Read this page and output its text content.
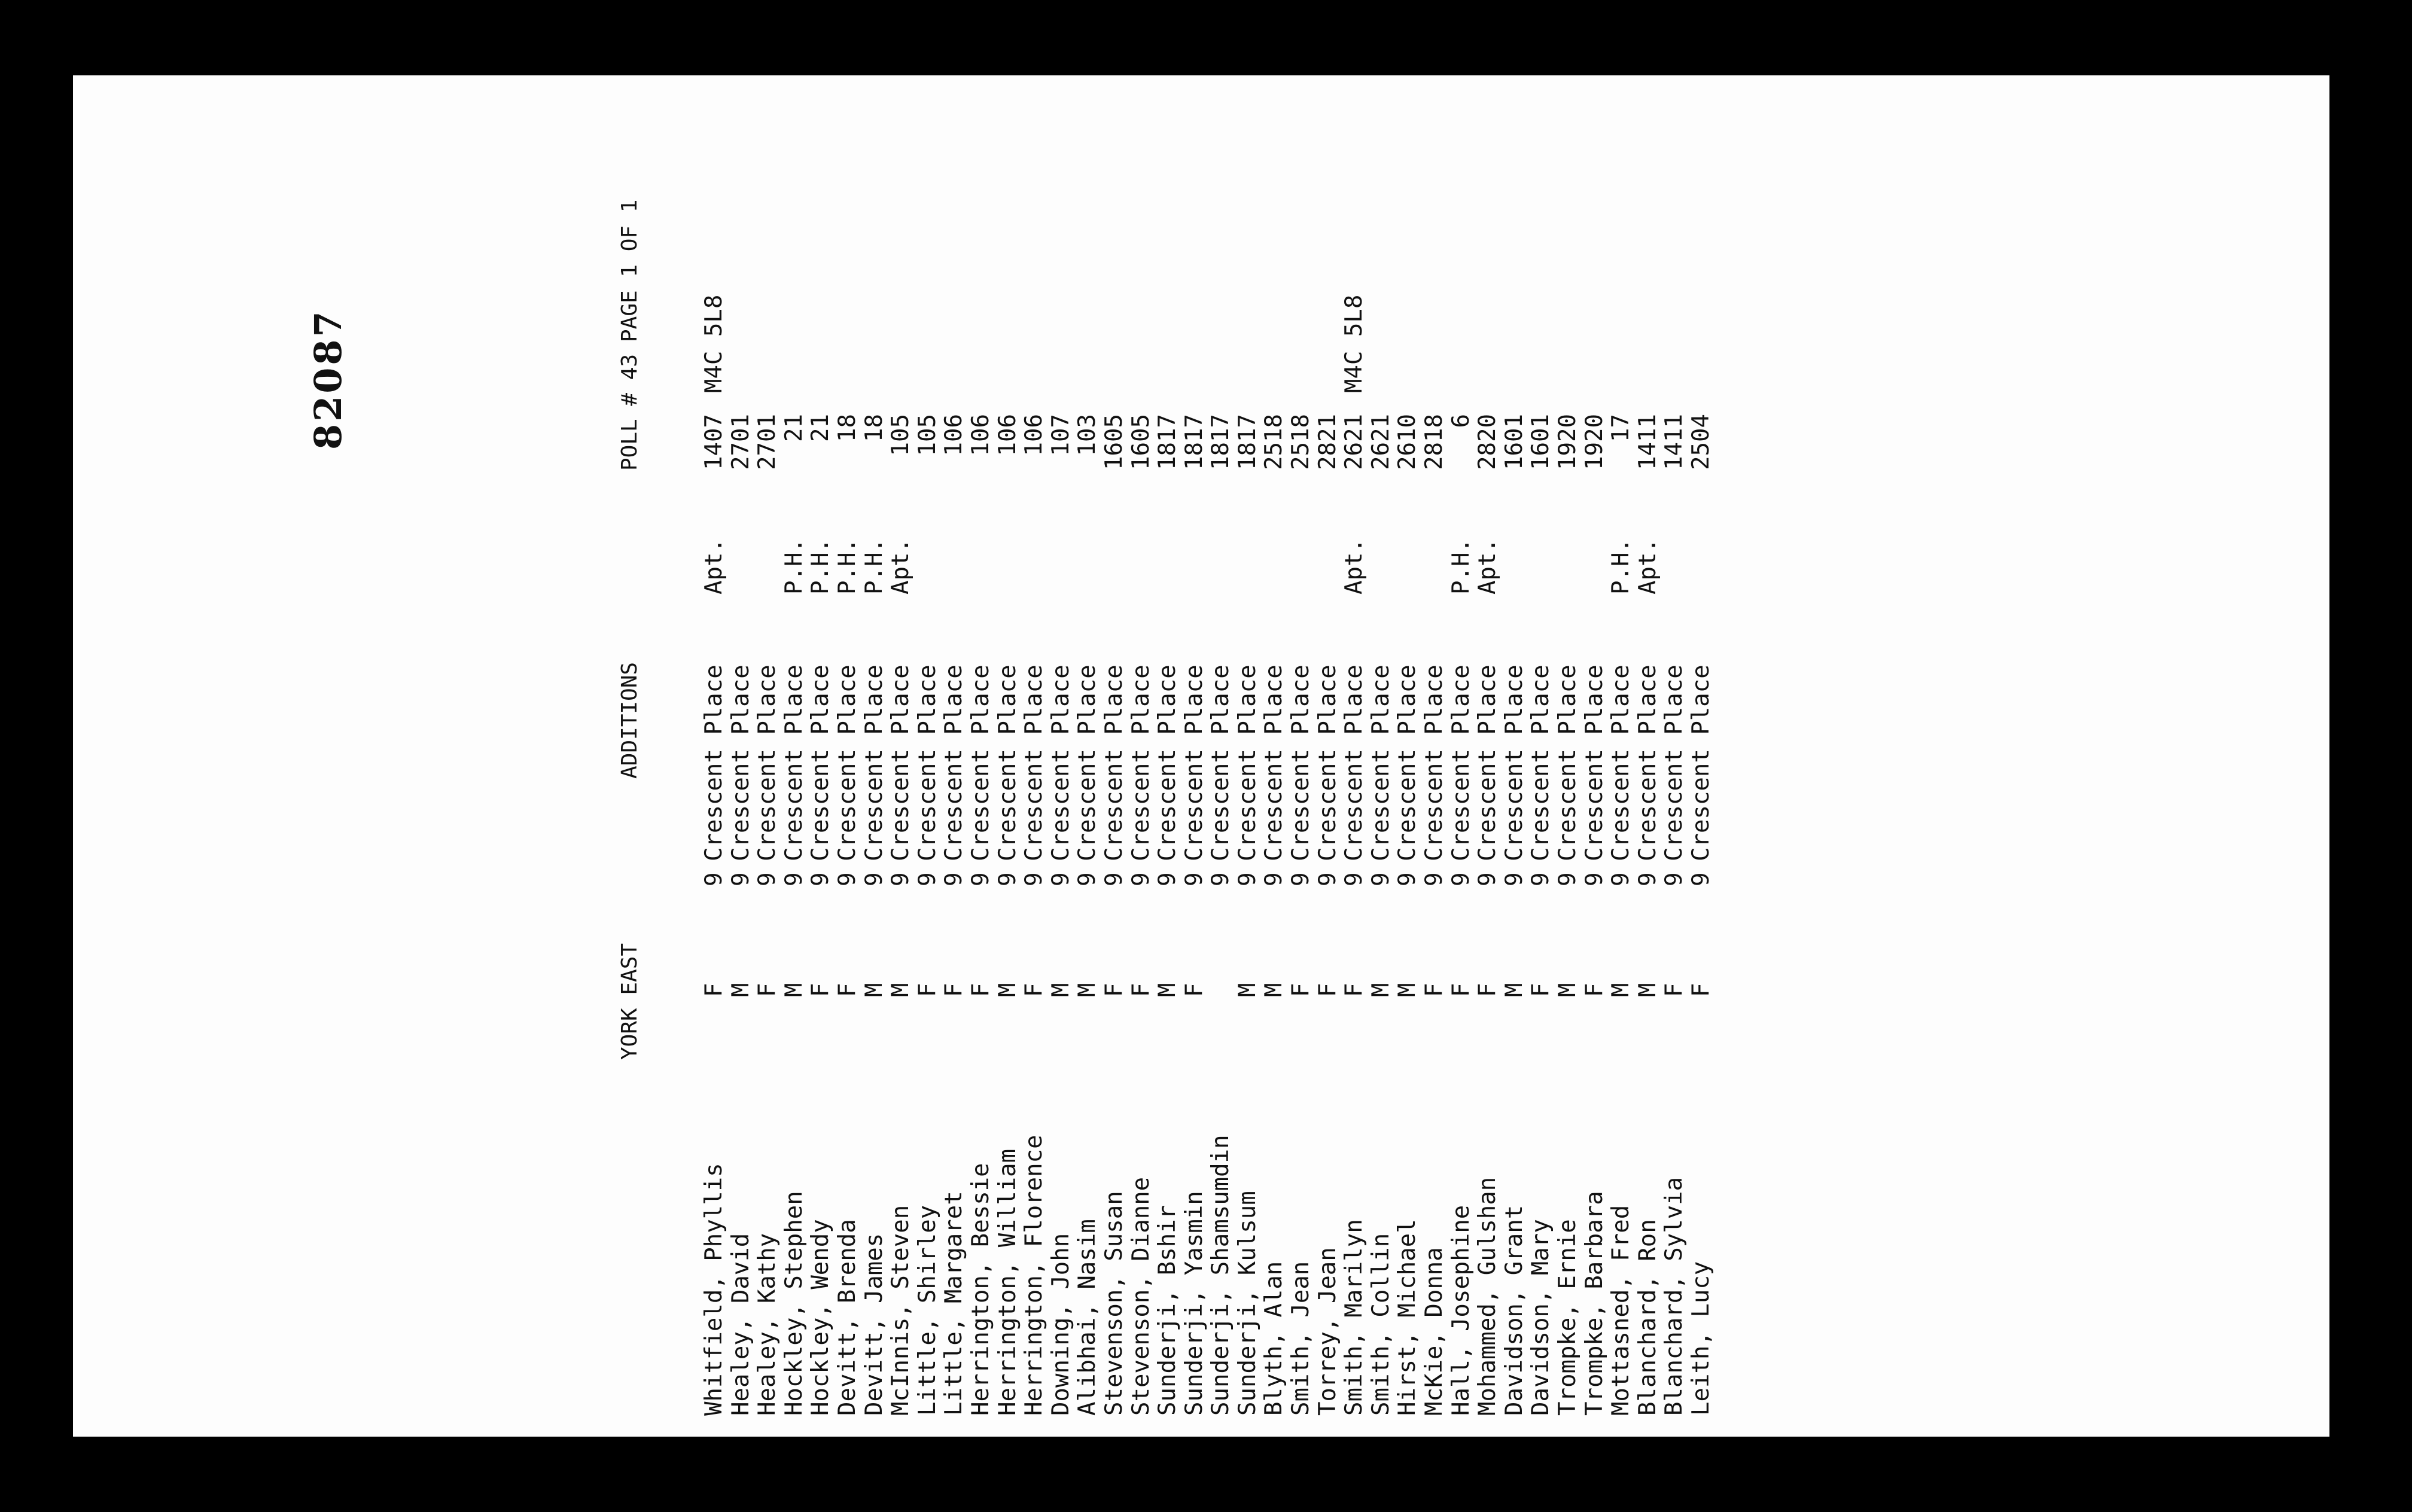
82087

YORK EAST

ADDITIONS

POLL # 43

PAGE 1 OF 1

Whitfield, Phyllis
F
9
Crescent Place
Apt.
1407
M4C 5L8
Healey, David
M
9
Crescent Place
2701
Healey, Kathy
F
9
Crescent Place
2701
Hockley, Stephen
M
9
Crescent Place
P.H.
21
Hockley, Wendy
F
9
Crescent Place
P.H.
21
Devitt, Brenda
F
9
Crescent Place
P.H.
18
Devitt, James
M
9
Crescent Place
P.H.
18
McInnis, Steven
M
9
Crescent Place
Apt.
105
Little, Shirley
F
9
Crescent Place
105
Little, Margaret
F
9
Crescent Place
106
Herrington, Bessie
F
9
Crescent Place
106
Herrington, William
M
9
Crescent Place
106
Herrington, Florence
F
9
Crescent Place
106
Downing, John
M
9
Crescent Place
107
Alibhai, Nasim
M
9
Crescent Place
103
Stevenson, Susan
F
9
Crescent Place
1605
Stevenson, Dianne
F
9
Crescent Place
1605
Sunderji, Bshir
M
9
Crescent Place
1817
Sunderji, Yasmin
F
9
Crescent Place
1817
Sunderji, Shamsumdin
9
Crescent Place
1817
Sunderji, Kulsum
M
9
Crescent Place
1817
Blyth, Alan
M
9
Crescent Place
2518
Smith, Jean
F
9
Crescent Place
2518
Torrey, Jean
F
9
Crescent Place
2821
Smith, Marilyn
F
9
Crescent Place
Apt.
2621
M4C 5L8
Smith, Collin
M
9
Crescent Place
2621
Hirst, Michael
M
9
Crescent Place
2610
McKie, Donna
F
9
Crescent Place
2818
Hall, Josephine
F
9
Crescent Place
P.H.
6
Mohammed, Gulshan
F
9
Crescent Place
Apt.
2820
Davidson, Grant
M
9
Crescent Place
1601
Davidson, Mary
F
9
Crescent Place
1601
Trompke, Ernie
M
9
Crescent Place
1920
Trompke, Barbara
F
9
Crescent Place
1920
Mottasned, Fred
M
9
Crescent Place
P.H.
17
Blanchard, Ron
M
9
Crescent Place
Apt.
1411
Blanchard, Sylvia
F
9
Crescent Place
1411
Leith, Lucy
F
9
Crescent Place
2504
